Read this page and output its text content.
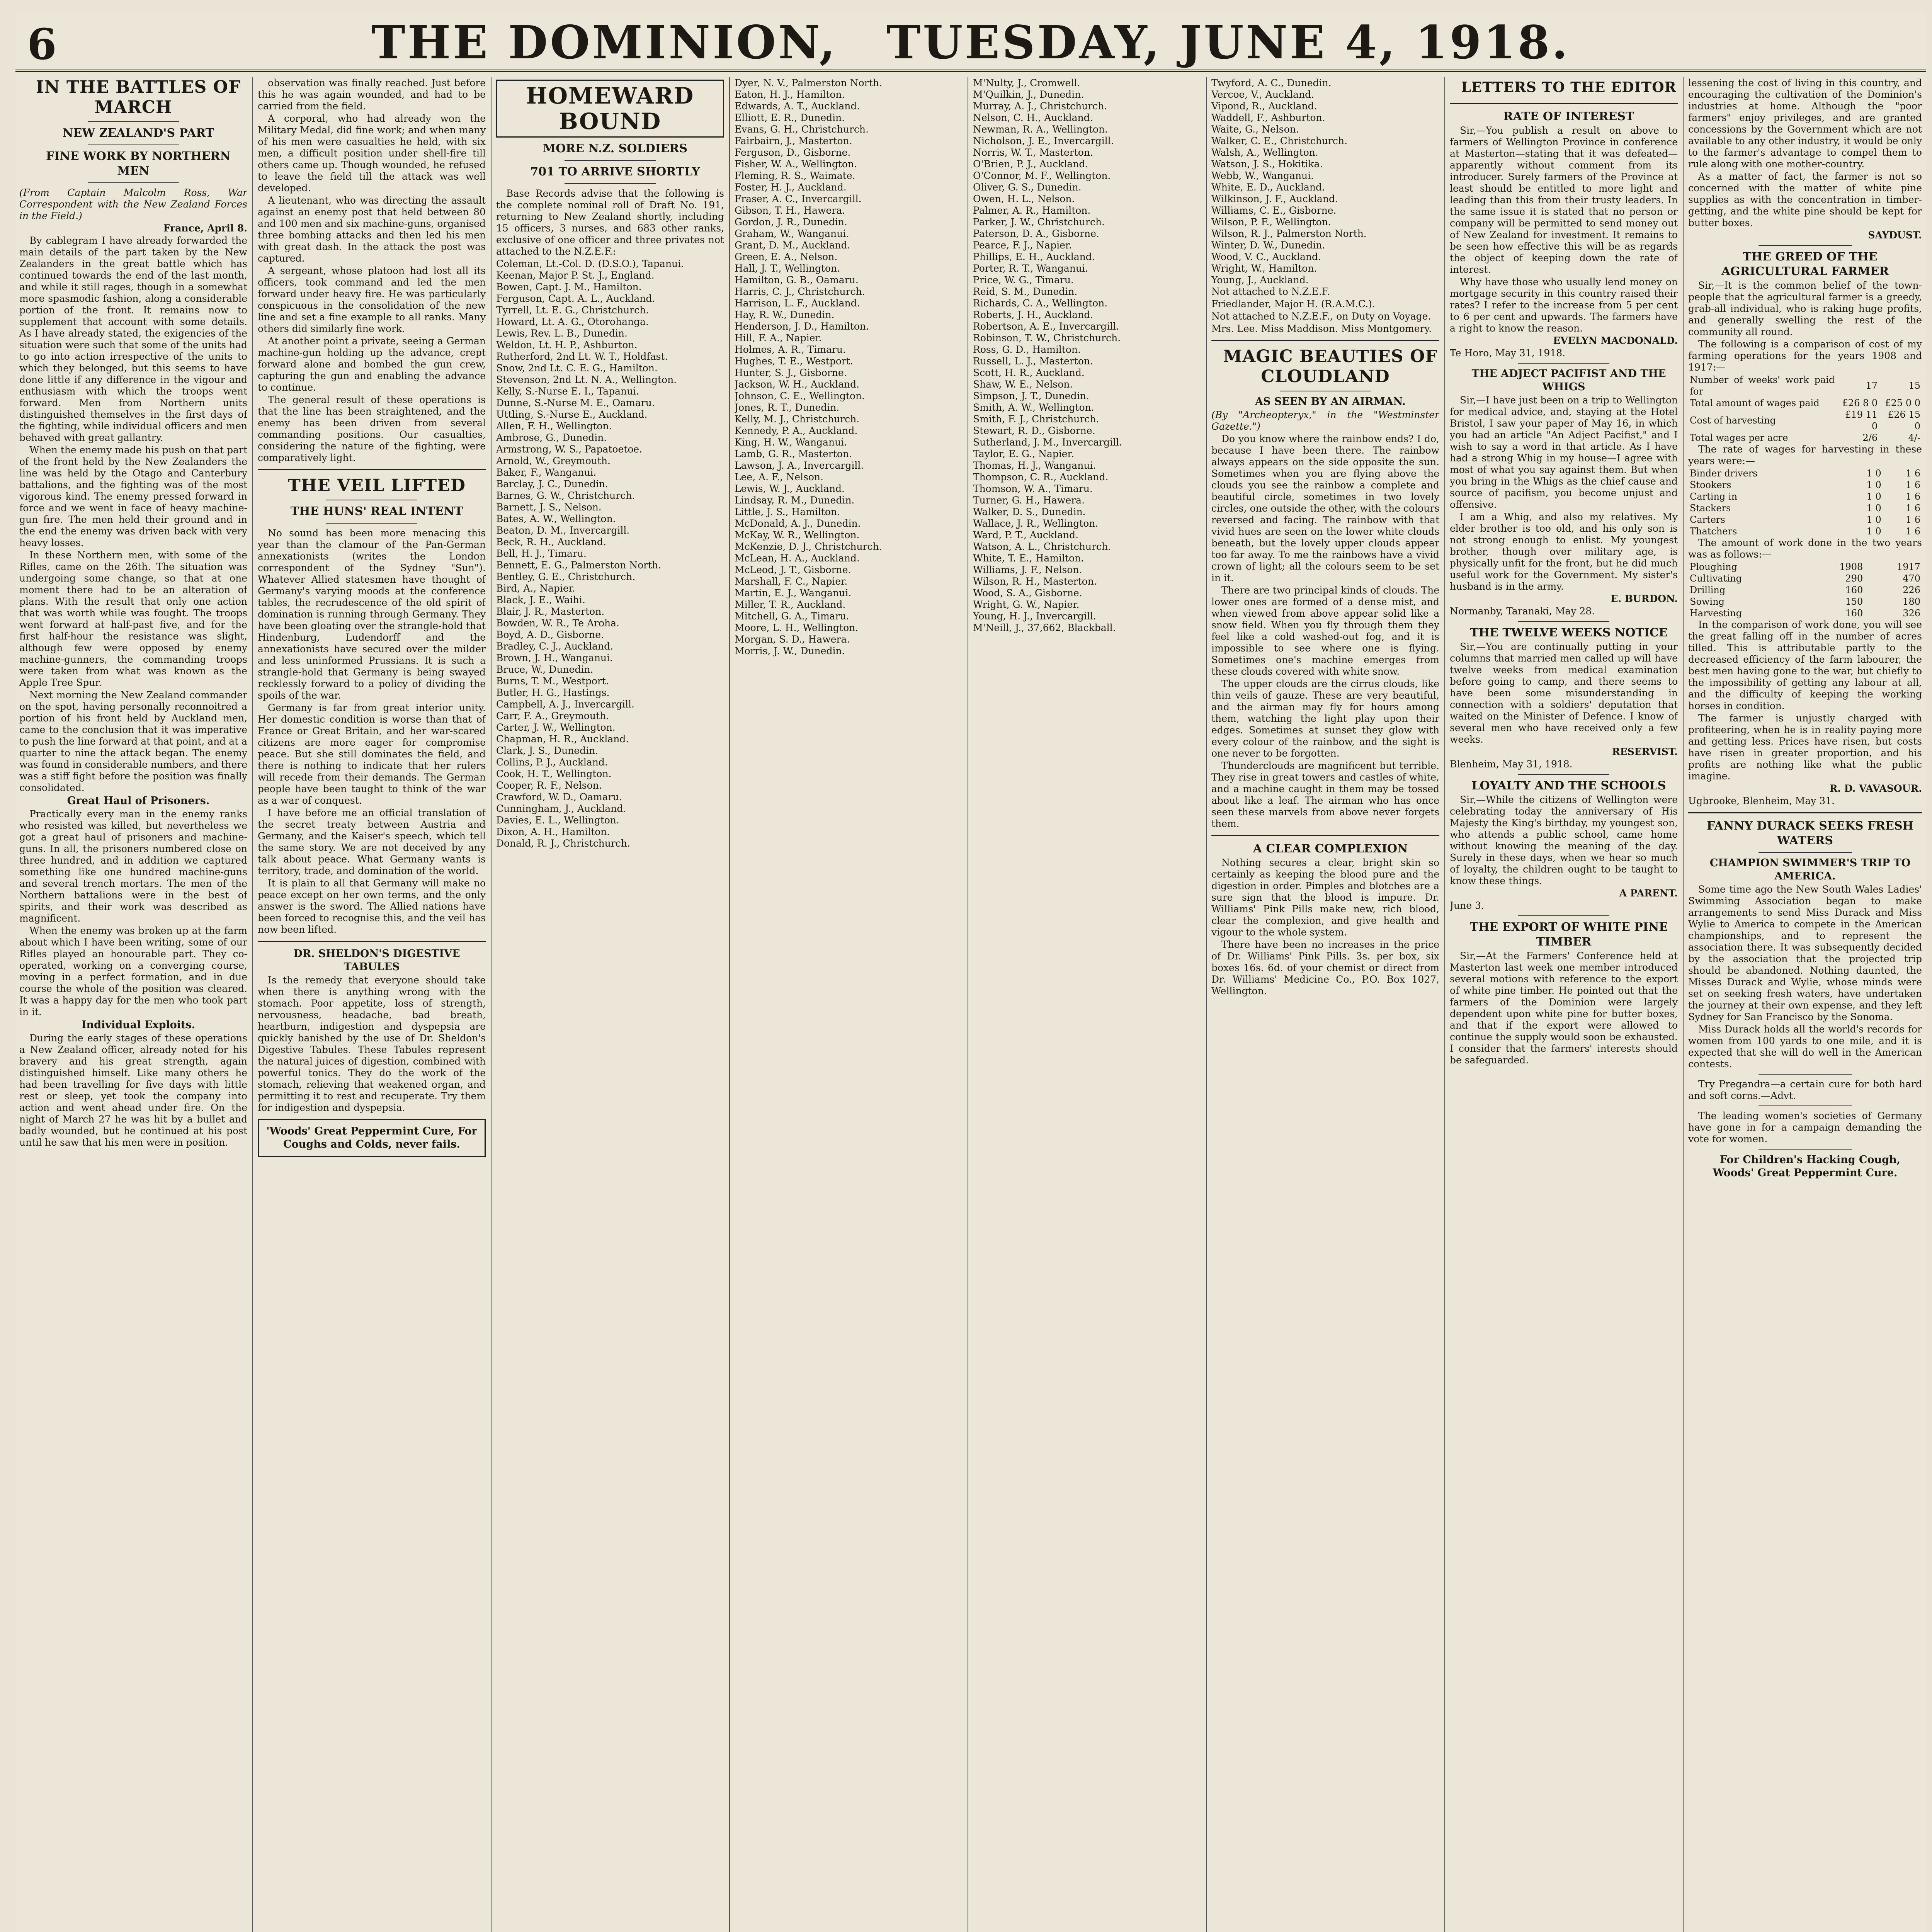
6	THE DOMINION, TUESDAY, JUNE 4, 1918.

IN THE BATTLES OF MARCH

NEW ZEALAND'S PART

FINE WORK BY NORTHERN MEN

(From Captain Malcolm Ross, War Correspondent with the New Zealand Forces in the Field.)

France, April 8.

By cablegram I have already forwarded the main details of the part taken by the New Zealanders in the great battle which has continued towards the end of the last month, and while it still rages, though in a somewhat more spasmodic fashion, along a considerable portion of the front. It remains now to supplement that account with some details. As I have already stated, the exigencies of the situation were such that some of the units had to go into action irrespective of the units to which they belonged, but this seems to have done little if any difference in the vigour and enthusiasm with which the troops went forward. Men from Northern units distinguished themselves in the first days of the fighting, while individual officers and men behaved with great gallantry.

When the enemy made his push on that part of the front held by the New Zealanders the line was held by the Otago and Canterbury battalions, and the fighting was of the most vigorous kind. The enemy pressed forward in force and we went in face of heavy machine-gun fire. The men held their ground and in the end the enemy was driven back with very heavy losses.

In these Northern men, with some of the Rifles, came on the 26th. The situation was undergoing some change, so that at one moment there had to be an alteration of plans. With the result that only one action that was worth while was fought. The troops went forward at half-past five, and for the first half-hour the resistance was slight, although few were opposed by enemy machine-gunners, the commanding troops were taken from what was known as the Apple Tree Spur.

Next morning the New Zealand commander on the spot, having personally reconnoitred a portion of his front held by Auckland men, came to the conclusion that it was imperative to push the line forward at that point, and at a quarter to nine the attack began. The enemy was found in considerable numbers, and there was a stiff fight before the position was finally consolidated.

Great Haul of Prisoners.

Practically every man in the enemy ranks who resisted was killed, but nevertheless we got a great haul of prisoners and machine-guns. In all, the prisoners numbered close on three hundred, and in addition we captured something like one hundred machine-guns and several trench mortars. The men of the Northern battalions were in the best of spirits, and their work was described as magnificent.

When the enemy was broken up at the farm about which I have been writing, some of our Rifles played an honourable part. They co-operated, working on a converging course, moving in a perfect formation, and in due course the whole of the position was cleared. It was a happy day for the men who took part in it.

Individual Exploits.

During the early stages of these operations a New Zealand officer, already noted for his bravery and his great strength, again distinguished himself. Like many others he had been travelling for five days with little rest or sleep, yet took the company into action and went ahead under fire. On the night of March 27 he was hit by a bullet and badly wounded, but he continued at his post until he saw that his men were in position.

observation was finally reached. Just before this he was again wounded, and had to be carried from the field.

A corporal, who had already won the Military Medal, did fine work; and when many of his men were casualties he held, with six men, a difficult position under shell-fire till others came up. Though wounded, he refused to leave the field till the attack was well developed.

A lieutenant, who was directing the assault against an enemy post that held between 80 and 100 men and six machine-guns, organised three bombing attacks and then led his men with great dash. In the attack the post was captured.

A sergeant, whose platoon had lost all its officers, took command and led the men forward under heavy fire. He was particularly conspicuous in the consolidation of the new line and set a fine example to all ranks. Many others did similarly fine work.

At another point a private, seeing a German machine-gun holding up the advance, crept forward alone and bombed the gun crew, capturing the gun and enabling the advance to continue.

The general result of these operations is that the line has been straightened, and the enemy has been driven from several commanding positions. Our casualties, considering the nature of the fighting, were comparatively light.

THE VEIL LIFTED

THE HUNS' REAL INTENT

No sound has been more menacing this year than the clamour of the Pan-German annexationists (writes the London correspondent of the Sydney "Sun"). Whatever Allied statesmen have thought of Germany's varying moods at the conference tables, the recrudescence of the old spirit of domination is running through Germany. They have been gloating over the strangle-hold that Hindenburg, Ludendorff and the annexationists have secured over the milder and less uninformed Prussians. It is such a strangle-hold that Germany is being swayed recklessly forward to a policy of dividing the spoils of the war.

Germany is far from great interior unity. Her domestic condition is worse than that of France or Great Britain, and her war-scared citizens are more eager for compromise peace. But she still dominates the field, and there is nothing to indicate that her rulers will recede from their demands. The German people have been taught to think of the war as a war of conquest.

I have before me an official translation of the secret treaty between Austria and Germany, and the Kaiser's speech, which tell the same story. We are not deceived by any talk about peace. What Germany wants is territory, trade, and domination of the world.

It is plain to all that Germany will make no peace except on her own terms, and the only answer is the sword. The Allied nations have been forced to recognise this, and the veil has now been lifted.

DR. SHELDON'S DIGESTIVE TABULES

Is the remedy that everyone should take when there is anything wrong with the stomach. Poor appetite, loss of strength, nervousness, headache, bad breath, heartburn, indigestion and dyspepsia are quickly banished by the use of Dr. Sheldon's Digestive Tabules. These Tabules represent the natural juices of digestion, combined with powerful tonics. They do the work of the stomach, relieving that weakened organ, and permitting it to rest and recuperate. Try them for indigestion and dyspepsia.

'Woods' Great Peppermint Cure, For Coughs and Colds, never fails.
HOMEWARD BOUND

MORE N.Z. SOLDIERS

701 TO ARRIVE SHORTLY

Base Records advise that the following is the complete nominal roll of Draft No. 191, returning to New Zealand shortly, including 15 officers, 3 nurses, and 683 other ranks, exclusive of one officer and three privates not attached to the N.Z.E.F.:

Coleman, Lt.-Col. D. (D.S.O.), Tapanui.

Keenan, Major P. St. J., England.

Bowen, Capt. J. M., Hamilton.

Ferguson, Capt. A. L., Auckland.

Tyrrell, Lt. E. G., Christchurch.

Howard, Lt. A. G., Otorohanga.

Lewis, Rev. L. B., Dunedin.

Weldon, Lt. H. P., Ashburton.

Rutherford, 2nd Lt. W. T., Holdfast.

Snow, 2nd Lt. C. E. G., Hamilton.

Stevenson, 2nd Lt. N. A., Wellington.

Kelly, S.-Nurse E. I., Tapanui.

Dunne, S.-Nurse M. E., Oamaru.

Uttling, S.-Nurse E., Auckland.

Allen, F. H., Wellington.

Ambrose, G., Dunedin.

Armstrong, W. S., Papatoetoe.

Arnold, W., Greymouth.

Baker, F., Wanganui.

Barclay, J. C., Dunedin.

Barnes, G. W., Christchurch.

Barnett, J. S., Nelson.

Bates, A. W., Wellington.

Beaton, D. M., Invercargill.

Beck, R. H., Auckland.

Bell, H. J., Timaru.

Bennett, E. G., Palmerston North.

Bentley, G. E., Christchurch.

Bird, A., Napier.

Black, J. E., Waihi.

Blair, J. R., Masterton.

Bowden, W. R., Te Aroha.

Boyd, A. D., Gisborne.

Bradley, C. J., Auckland.

Brown, J. H., Wanganui.

Bruce, W., Dunedin.

Burns, T. M., Westport.

Butler, H. G., Hastings.

Campbell, A. J., Invercargill.

Carr, F. A., Greymouth.

Carter, J. W., Wellington.

Chapman, H. R., Auckland.

Clark, J. S., Dunedin.

Collins, P. J., Auckland.

Cook, H. T., Wellington.

Cooper, R. F., Nelson.

Crawford, W. D., Oamaru.

Cunningham, J., Auckland.

Davies, E. L., Wellington.

Dixon, A. H., Hamilton.

Donald, R. J., Christchurch.

Dyer, N. V., Palmerston North.

Eaton, H. J., Hamilton.

Edwards, A. T., Auckland.

Elliott, E. R., Dunedin.

Evans, G. H., Christchurch.

Fairbairn, J., Masterton.

Ferguson, D., Gisborne.

Fisher, W. A., Wellington.

Fleming, R. S., Waimate.

Foster, H. J., Auckland.

Fraser, A. C., Invercargill.

Gibson, T. H., Hawera.

Gordon, J. R., Dunedin.

Graham, W., Wanganui.

Grant, D. M., Auckland.

Green, E. A., Nelson.

Hall, J. T., Wellington.

Hamilton, G. B., Oamaru.

Harris, C. J., Christchurch.

Harrison, L. F., Auckland.

Hay, R. W., Dunedin.

Henderson, J. D., Hamilton.

Hill, F. A., Napier.

Holmes, A. R., Timaru.

Hughes, T. E., Westport.

Hunter, S. J., Gisborne.

Jackson, W. H., Auckland.

Johnson, C. E., Wellington.

Jones, R. T., Dunedin.

Kelly, M. J., Christchurch.

Kennedy, P. A., Auckland.

King, H. W., Wanganui.

Lamb, G. R., Masterton.

Lawson, J. A., Invercargill.

Lee, A. F., Nelson.

Lewis, W. J., Auckland.

Lindsay, R. M., Dunedin.

Little, J. S., Hamilton.

McDonald, A. J., Dunedin.

McKay, W. R., Wellington.

McKenzie, D. J., Christchurch.

McLean, H. A., Auckland.

McLeod, J. T., Gisborne.

Marshall, F. C., Napier.

Martin, E. J., Wanganui.

Miller, T. R., Auckland.

Mitchell, G. A., Timaru.

Moore, L. H., Wellington.

Morgan, S. D., Hawera.

Morris, J. W., Dunedin.

M'Nulty, J., Cromwell.

M'Quilkin, J., Dunedin.

Murray, A. J., Christchurch.

Nelson, C. H., Auckland.

Newman, R. A., Wellington.

Nicholson, J. E., Invercargill.

Norris, W. T., Masterton.

O'Brien, P. J., Auckland.

O'Connor, M. F., Wellington.

Oliver, G. S., Dunedin.

Owen, H. L., Nelson.

Palmer, A. R., Hamilton.

Parker, J. W., Christchurch.

Paterson, D. A., Gisborne.

Pearce, F. J., Napier.

Phillips, E. H., Auckland.

Porter, R. T., Wanganui.

Price, W. G., Timaru.

Reid, S. M., Dunedin.

Richards, C. A., Wellington.

Roberts, J. H., Auckland.

Robertson, A. E., Invercargill.

Robinson, T. W., Christchurch.

Ross, G. D., Hamilton.

Russell, L. J., Masterton.

Scott, H. R., Auckland.

Shaw, W. E., Nelson.

Simpson, J. T., Dunedin.

Smith, A. W., Wellington.

Smith, F. J., Christchurch.

Stewart, R. D., Gisborne.

Sutherland, J. M., Invercargill.

Taylor, E. G., Napier.

Thomas, H. J., Wanganui.

Thompson, C. R., Auckland.

Thomson, W. A., Timaru.

Turner, G. H., Hawera.

Walker, D. S., Dunedin.

Wallace, J. R., Wellington.

Ward, P. T., Auckland.

Watson, A. L., Christchurch.

White, T. E., Hamilton.

Williams, J. F., Nelson.

Wilson, R. H., Masterton.

Wood, S. A., Gisborne.

Wright, G. W., Napier.

Young, H. J., Invercargill.

M'Neill, J., 37,662, Blackball.

Twyford, A. C., Dunedin.

Vercoe, V., Auckland.

Vipond, R., Auckland.

Waddell, F., Ashburton.

Waite, G., Nelson.

Walker, C. E., Christchurch.

Walsh, A., Wellington.

Watson, J. S., Hokitika.

Webb, W., Wanganui.

White, E. D., Auckland.

Wilkinson, J. F., Auckland.

Williams, C. E., Gisborne.

Wilson, P. F., Wellington.

Wilson, R. J., Palmerston North.

Winter, D. W., Dunedin.

Wood, V. C., Auckland.

Wright, W., Hamilton.

Young, J., Auckland.

Not attached to N.Z.E.F.

Friedlander, Major H. (R.A.M.C.).

Not attached to N.Z.E.F., on Duty on Voyage.

Mrs. Lee. Miss Maddison. Miss Montgomery.

MAGIC BEAUTIES OF CLOUDLAND

AS SEEN BY AN AIRMAN.

(By "Archeopteryx," in the "Westminster Gazette.")

Do you know where the rainbow ends? I do, because I have been there. The rainbow always appears on the side opposite the sun. Sometimes when you are flying above the clouds you see the rainbow a complete and beautiful circle, sometimes in two lovely circles, one outside the other, with the colours reversed and facing. The rainbow with that vivid hues are seen on the lower white clouds beneath, but the lovely upper clouds appear too far away. To me the rainbows have a vivid crown of light; all the colours seem to be set in it.

There are two principal kinds of clouds. The lower ones are formed of a dense mist, and when viewed from above appear solid like a snow field. When you fly through them they feel like a cold washed-out fog, and it is impossible to see where one is flying. Sometimes one's machine emerges from these clouds covered with white snow.

The upper clouds are the cirrus clouds, like thin veils of gauze. These are very beautiful, and the airman may fly for hours among them, watching the light play upon their edges. Sometimes at sunset they glow with every colour of the rainbow, and the sight is one never to be forgotten.

Thunderclouds are magnificent but terrible. They rise in great towers and castles of white, and a machine caught in them may be tossed about like a leaf. The airman who has once seen these marvels from above never forgets them.

A CLEAR COMPLEXION

Nothing secures a clear, bright skin so certainly as keeping the blood pure and the digestion in order. Pimples and blotches are a sure sign that the blood is impure. Dr. Williams' Pink Pills make new, rich blood, clear the complexion, and give health and vigour to the whole system.

There have been no increases in the price of Dr. Williams' Pink Pills. 3s. per box, six boxes 16s. 6d. of your chemist or direct from Dr. Williams' Medicine Co., P.O. Box 1027, Wellington.

LETTERS TO THE EDITOR

RATE OF INTEREST

Sir,—You publish a result on above to farmers of Wellington Province in conference at Masterton—stating that it was defeated—apparently without comment from its introducer. Surely farmers of the Province at least should be entitled to more light and leading than this from their trusty leaders. In the same issue it is stated that no person or company will be permitted to send money out of New Zealand for investment. It remains to be seen how effective this will be as regards the object of keeping down the rate of interest.

Why have those who usually lend money on mortgage security in this country raised their rates? I refer to the increase from 5 per cent to 6 per cent and upwards. The farmers have a right to know the reason.

EVELYN MACDONALD.

Te Horo, May 31, 1918.

THE ADJECT PACIFIST AND THE WHIGS

Sir,—I have just been on a trip to Wellington for medical advice, and, staying at the Hotel Bristol, I saw your paper of May 16, in which you had an article "An Adject Pacifist," and I wish to say a word in that article. As I have had a strong Whig in my house—I agree with most of what you say against them. But when you bring in the Whigs as the chief cause and source of pacifism, you become unjust and offensive.

I am a Whig, and also my relatives. My elder brother is too old, and his only son is not strong enough to enlist. My youngest brother, though over military age, is physically unfit for the front, but he did much useful work for the Government. My sister's husband is in the army.

E. BURDON.

Normanby, Taranaki, May 28.

THE TWELVE WEEKS NOTICE

Sir,—You are continually putting in your columns that married men called up will have twelve weeks from medical examination before going to camp, and there seems to have been some misunderstanding in connection with a soldiers' deputation that waited on the Minister of Defence. I know of several men who have received only a few weeks.

RESERVIST.

Blenheim, May 31, 1918.

LOYALTY AND THE SCHOOLS

Sir,—While the citizens of Wellington were celebrating today the anniversary of His Majesty the King's birthday, my youngest son, who attends a public school, came home without knowing the meaning of the day. Surely in these days, when we hear so much of loyalty, the children ought to be taught to know these things.

A PARENT.

June 3.

THE EXPORT OF WHITE PINE TIMBER

Sir,—At the Farmers' Conference held at Masterton last week one member introduced several motions with reference to the export of white pine timber. He pointed out that the farmers of the Dominion were largely dependent upon white pine for butter boxes, and that if the export were allowed to continue the supply would soon be exhausted. I consider that the farmers' interests should be safeguarded.

lessening the cost of living in this country, and encouraging the cultivation of the Dominion's industries at home. Although the "poor farmers" enjoy privileges, and are granted concessions by the Government which are not available to any other industry, it would be only to the farmer's advantage to compel them to rule along with one mother-country.

As a matter of fact, the farmer is not so concerned with the matter of white pine supplies as with the concentration in timber-getting, and the white pine should be kept for butter boxes.

SAYDUST.

THE GREED OF THE AGRICULTURAL FARMER

Sir,—It is the common belief of the town-people that the agricultural farmer is a greedy, grab-all individual, who is raking huge profits, and generally swelling the rest of the community all round.

The following is a comparison of cost of my farming operations for the years 1908 and 1917:—

Number of weeks' work paid for	17	15
Total amount of wages paid	£26 8 0	£25 0 0
Cost of harvesting	£19 11 0	£26 15 0
Total wages per acre	2/6	4/-

The rate of wages for harvesting in these years were:—

Binder drivers	1 0	1 6
Stookers	1 0	1 6
Carting in	1 0	1 6
Stackers	1 0	1 6
Carters	1 0	1 6
Thatchers	1 0	1 6

The amount of work done in the two years was as follows:—

Ploughing	1908	1917
Cultivating	290	470
Drilling	160	226
Sowing	150	180
Harvesting	160	326

In the comparison of work done, you will see the great falling off in the number of acres tilled. This is attributable partly to the decreased efficiency of the farm labourer, the best men having gone to the war, but chiefly to the impossibility of getting any labour at all, and the difficulty of keeping the working horses in condition.

The farmer is unjustly charged with profiteering, when he is in reality paying more and getting less. Prices have risen, but costs have risen in greater proportion, and his profits are nothing like what the public imagine.

R. D. VAVASOUR.

Ugbrooke, Blenheim, May 31.

FANNY DURACK SEEKS FRESH WATERS

CHAMPION SWIMMER'S TRIP TO AMERICA.

Some time ago the New South Wales Ladies' Swimming Association began to make arrangements to send Miss Durack and Miss Wylie to America to compete in the American championships, and to represent the association there. It was subsequently decided by the association that the projected trip should be abandoned. Nothing daunted, the Misses Durack and Wylie, whose minds were set on seeking fresh waters, have undertaken the journey at their own expense, and they left Sydney for San Francisco by the Sonoma.

Miss Durack holds all the world's records for women from 100 yards to one mile, and it is expected that she will do well in the American contests.

Try Pregandra—a certain cure for both hard and soft corns.—Advt.

The leading women's societies of Germany have gone in for a campaign demanding the vote for women.

For Children's Hacking Cough, Woods' Great Peppermint Cure.
